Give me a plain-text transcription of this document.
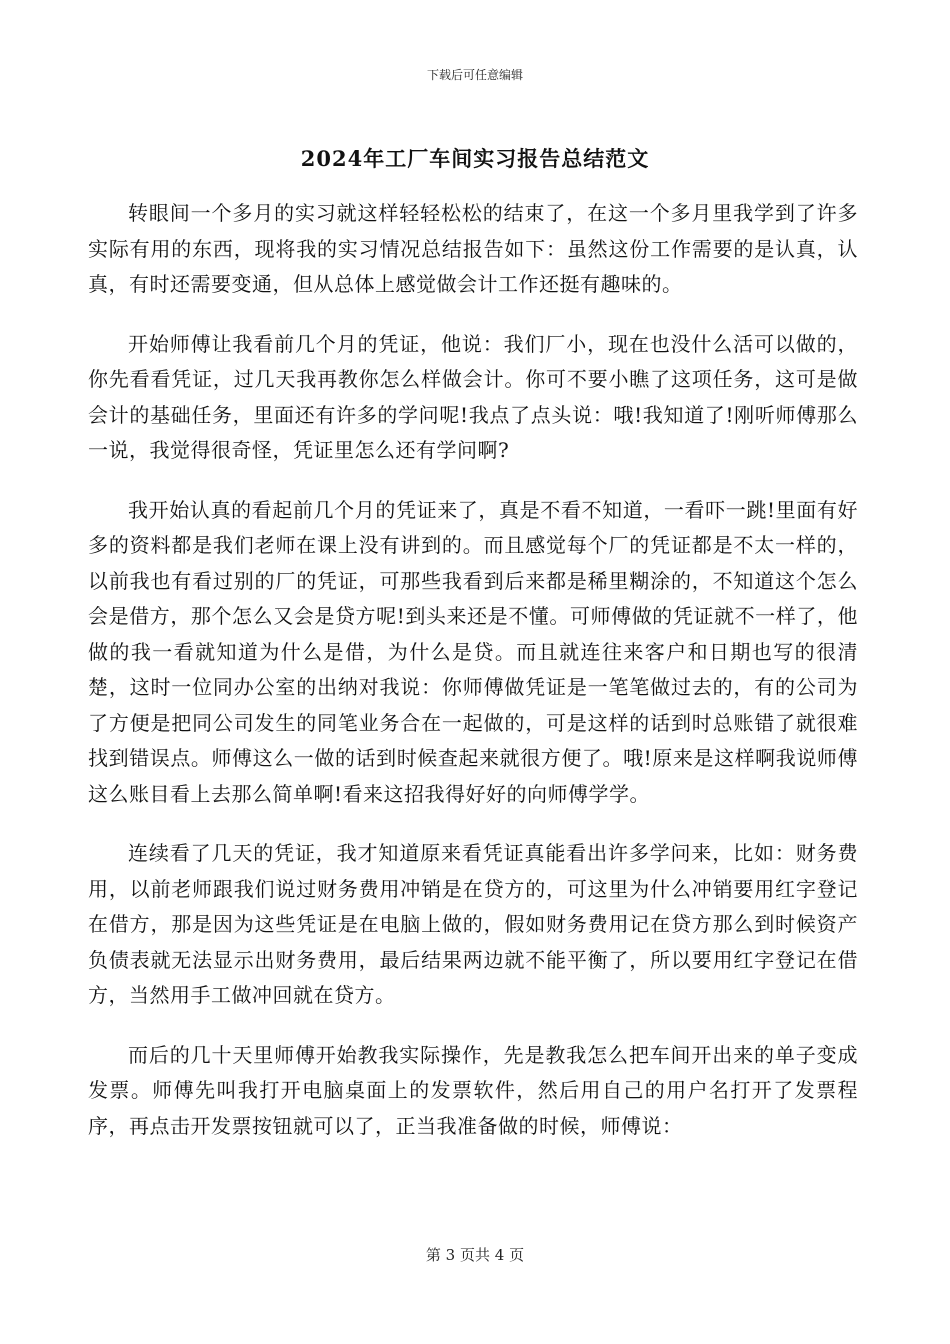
下载后可任意编辑
2024年工厂车间实习报告总结范文

转眼间一个多月的实习就这样轻轻松松的结束了，在这一个多月里我学到了许多实际有用的东西，现将我的实习情况总结报告如下：虽然这份工作需要的是认真，认真，有时还需要变通，但从总体上感觉做会计工作还挺有趣味的。

开始师傅让我看前几个月的凭证，他说：我们厂小，现在也没什么活可以做的，你先看看凭证，过几天我再教你怎么样做会计。你可不要小瞧了这项任务，这可是做会计的基础任务，里面还有许多的学问呢!我点了点头说：哦!我知道了!刚听师傅那么一说，我觉得很奇怪，凭证里怎么还有学问啊?

我开始认真的看起前几个月的凭证来了，真是不看不知道，一看吓一跳!里面有好多的资料都是我们老师在课上没有讲到的。而且感觉每个厂的凭证都是不太一样的，以前我也有看过别的厂的凭证，可那些我看到后来都是稀里糊涂的，不知道这个怎么会是借方，那个怎么又会是贷方呢!到头来还是不懂。可师傅做的凭证就不一样了，他做的我一看就知道为什么是借，为什么是贷。而且就连往来客户和日期也写的很清楚，这时一位同办公室的出纳对我说：你师傅做凭证是一笔笔做过去的，有的公司为了方便是把同公司发生的同笔业务合在一起做的，可是这样的话到时总账错了就很难找到错误点。师傅这么一做的话到时候查起来就很方便了。哦!原来是这样啊我说师傅这么账目看上去那么简单啊!看来这招我得好好的向师傅学学。

连续看了几天的凭证，我才知道原来看凭证真能看出许多学问来，比如：财务费用，以前老师跟我们说过财务费用冲销是在贷方的，可这里为什么冲销要用红字登记在借方，那是因为这些凭证是在电脑上做的，假如财务费用记在贷方那么到时候资产负债表就无法显示出财务费用，最后结果两边就不能平衡了，所以要用红字登记在借方，当然用手工做冲回就在贷方。

而后的几十天里师傅开始教我实际操作，先是教我怎么把车间开出来的单子变成发票。师傅先叫我打开电脑桌面上的发票软件，然后用自己的用户名打开了发票程序，再点击开发票按钮就可以了，正当我准备做的时候，师傅说：

第 3 页共 4 页
